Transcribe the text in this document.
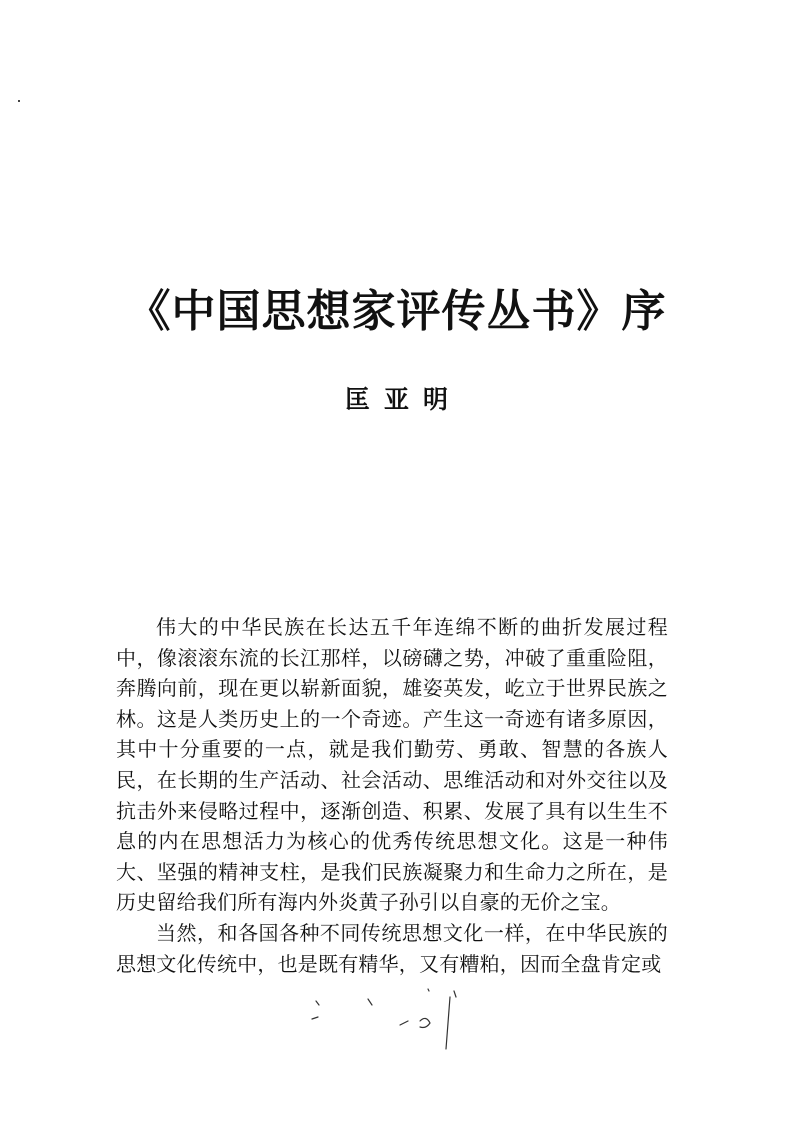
《中国思想家评传丛书》序
匡亚明

伟大的中华民族在长达五千年连绵不断的曲折发展过程中，像滚滚东流的长江那样，以磅礴之势，冲破了重重险阻，奔腾向前，现在更以崭新面貌，雄姿英发，屹立于世界民族之林。这是人类历史上的一个奇迹。产生这一奇迹有诸多原因，其中十分重要的一点，就是我们勤劳、勇敢、智慧的各族人民，在长期的生产活动、社会活动、思维活动和对外交往以及抗击外来侵略过程中，逐渐创造、积累、发展了具有以生生不息的内在思想活力为核心的优秀传统思想文化。这是一种伟大、坚强的精神支柱，是我们民族凝聚力和生命力之所在，是历史留给我们所有海内外炎黄子孙引以自豪的无价之宝。

当然，和各国各种不同传统思想文化一样，在中华民族的思想文化传统中，也是既有精华，又有糟粕，因而全盘肯定或
